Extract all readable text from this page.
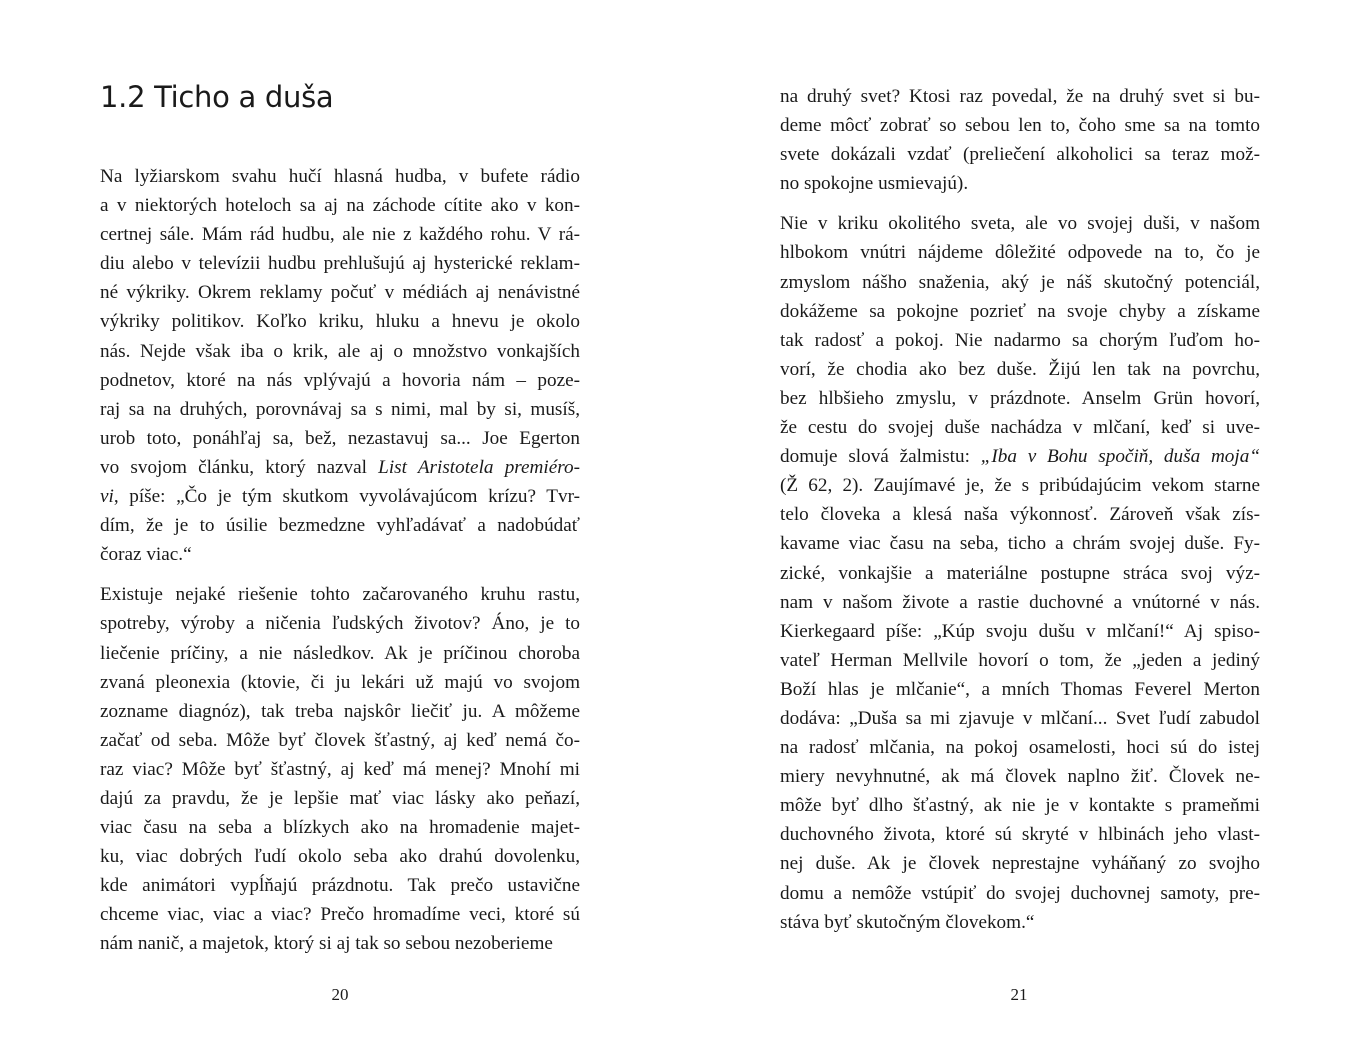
1.2 Ticho a duša
Na lyžiarskom svahu hučí hlasná hudba, v bufete rádio
a v niektorých hoteloch sa aj na záchode cítite ako v kon-
certnej sále. Mám rád hudbu, ale nie z každého rohu. V rá-
diu alebo v televízii hudbu prehlušujú aj hysterické reklam-
né výkriky. Okrem reklamy počuť v médiách aj nenávistné
výkriky politikov. Koľko kriku, hluku a hnevu je okolo
nás. Nejde však iba o krik, ale aj o množstvo vonkajších
podnetov, ktoré na nás vplývajú a hovoria nám – poze-
raj sa na druhých, porovnávaj sa s nimi, mal by si, musíš,
urob toto, ponáhľaj sa, bež, nezastavuj sa... Joe Egerton
vo svojom článku, ktorý nazval List Aristotela premiéro-
vi, píše: „Čo je tým skutkom vyvolávajúcom krízu? Tvr-
dím, že je to úsilie bezmedzne vyhľadávať a nadobúdať
čoraz viac.“
Existuje nejaké riešenie tohto začarovaného kruhu rastu,
spotreby, výroby a ničenia ľudských životov? Áno, je to
liečenie príčiny, a nie následkov. Ak je príčinou choroba
zvaná pleonexia (ktovie, či ju lekári už majú vo svojom
zozname diagnóz), tak treba najskôr liečiť ju. A môžeme
začať od seba. Môže byť človek šťastný, aj keď nemá čo-
raz viac? Môže byť šťastný, aj keď má menej? Mnohí mi
dajú za pravdu, že je lepšie mať viac lásky ako peňazí,
viac času na seba a blízkych ako na hromadenie majet-
ku, viac dobrých ľudí okolo seba ako drahú dovolenku,
kde animátori vypĺňajú prázdnotu. Tak prečo ustavične
chceme viac, viac a viac? Prečo hromadíme veci, ktoré sú
nám nanič, a majetok, ktorý si aj tak so sebou nezoberieme
20
na druhý svet? Ktosi raz povedal, že na druhý svet si bu-
deme môcť zobrať so sebou len to, čoho sme sa na tomto
svete dokázali vzdať (preliečení alkoholici sa teraz mož-
no spokojne usmievajú).
Nie v kriku okolitého sveta, ale vo svojej duši, v našom
hlbokom vnútri nájdeme dôležité odpovede na to, čo je
zmyslom nášho snaženia, aký je náš skutočný potenciál,
dokážeme sa pokojne pozrieť na svoje chyby a získame
tak radosť a pokoj. Nie nadarmo sa chorým ľuďom ho-
vorí, že chodia ako bez duše. Žijú len tak na povrchu,
bez hlbšieho zmyslu, v prázdnote. Anselm Grün hovorí,
že cestu do svojej duše nachádza v mlčaní, keď si uve-
domuje slová žalmistu: „Iba v Bohu spočiň, duša moja“
(Ž 62, 2). Zaujímavé je, že s pribúdajúcim vekom starne
telo človeka a klesá naša výkonnosť. Zároveň však zís-
kavame viac času na seba, ticho a chrám svojej duše. Fy-
zické, vonkajšie a materiálne postupne stráca svoj výz-
nam v našom živote a rastie duchovné a vnútorné v nás.
Kierkegaard píše: „Kúp svoju dušu v mlčaní!“ Aj spiso-
vateľ Herman Mellvile hovorí o tom, že „jeden a jediný
Boží hlas je mlčanie“, a mních Thomas Feverel Merton
dodáva: „Duša sa mi zjavuje v mlčaní... Svet ľudí zabudol
na radosť mlčania, na pokoj osamelosti, hoci sú do istej
miery nevyhnutné, ak má človek naplno žiť. Človek ne-
môže byť dlho šťastný, ak nie je v kontakte s prameňmi
duchovného života, ktoré sú skryté v hlbinách jeho vlast-
nej duše. Ak je človek neprestajne vyháňaný zo svojho
domu a nemôže vstúpiť do svojej duchovnej samoty, pre-
stáva byť skutočným človekom.“
21
